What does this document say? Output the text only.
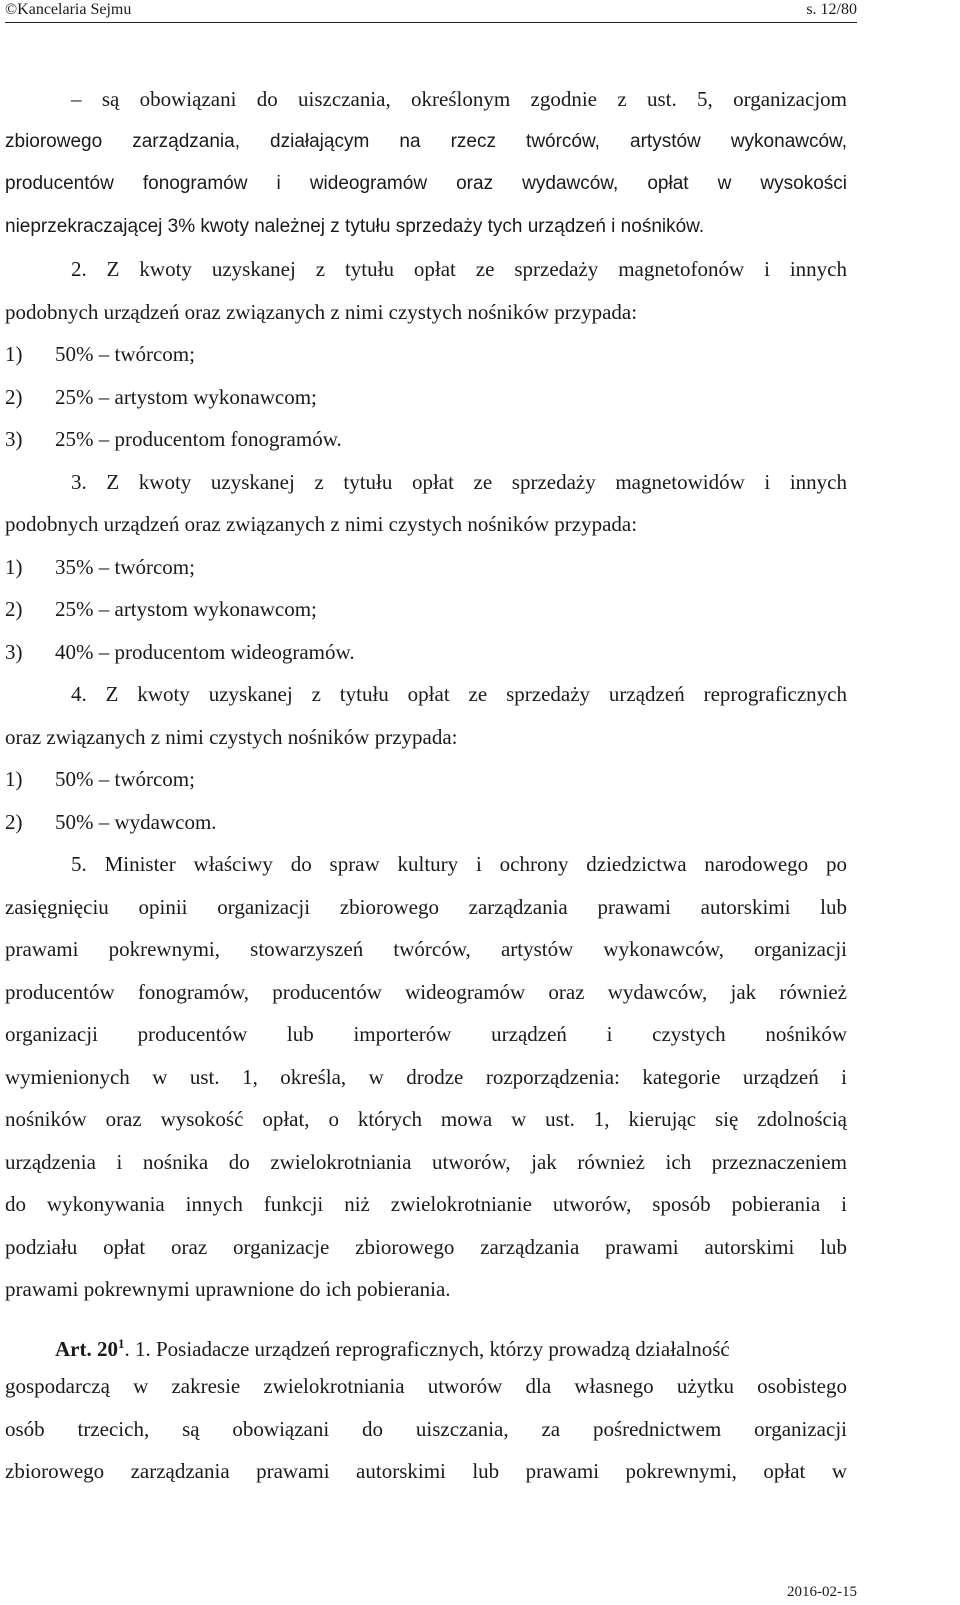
©Kancelaria Sejmu	s. 12/80
– są obowiązani do uiszczania, określonym zgodnie z ust. 5, organizacjom
zbiorowego zarządzania, działającym na rzecz twórców, artystów wykonawców,
producentów fonogramów i wideogramów oraz wydawców, opłat w wysokości
nieprzekraczającej 3% kwoty należnej z tytułu sprzedaży tych urządzeń i nośników.
2. Z kwoty uzyskanej z tytułu opłat ze sprzedaży magnetofonów i innych
podobnych urządzeń oraz związanych z nimi czystych nośników przypada:
1) 50% – twórcom;
2) 25% – artystom wykonawcom;
3) 25% – producentom fonogramów.
3. Z kwoty uzyskanej z tytułu opłat ze sprzedaży magnetowidów i innych
podobnych urządzeń oraz związanych z nimi czystych nośników przypada:
1) 35% – twórcom;
2) 25% – artystom wykonawcom;
3) 40% – producentom wideogramów.
4. Z kwoty uzyskanej z tytułu opłat ze sprzedaży urządzeń reprograficznych
oraz związanych z nimi czystych nośników przypada:
1) 50% – twórcom;
2) 50% – wydawcom.
5. Minister właściwy do spraw kultury i ochrony dziedzictwa narodowego po
zasięgnięciu opinii organizacji zbiorowego zarządzania prawami autorskimi lub
prawami pokrewnymi, stowarzyszeń twórców, artystów wykonawców, organizacji
producentów fonogramów, producentów wideogramów oraz wydawców, jak również
organizacji producentów lub importerów urządzeń i czystych nośników
wymienionych w ust. 1, określa, w drodze rozporządzenia: kategorie urządzeń i
nośników oraz wysokość opłat, o których mowa w ust. 1, kierując się zdolnością
urządzenia i nośnika do zwielokrotniania utworów, jak również ich przeznaczeniem
do wykonywania innych funkcji niż zwielokrotnianie utworów, sposób pobierania i
podziału opłat oraz organizacje zbiorowego zarządzania prawami autorskimi lub
prawami pokrewnymi uprawnione do ich pobierania.
Art. $20^1$. 1. Posiadacze urządzeń reprograficznych, którzy prowadzą działalność
gospodarczą w zakresie zwielokrotniania utworów dla własnego użytku osobistego
osób trzecich, są obowiązani do uiszczania, za pośrednictwem organizacji
zbiorowego zarządzania prawami autorskimi lub prawami pokrewnymi, opłat w
2016-02-15
